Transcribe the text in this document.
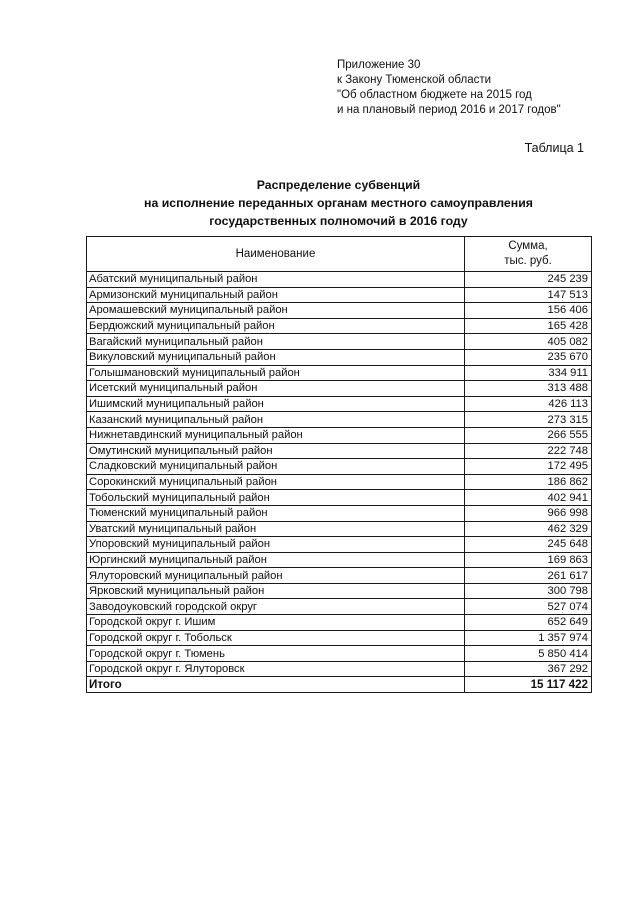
Приложение 30
к Закону Тюменской области
"Об областном бюджете на 2015 год
и на плановый период 2016 и 2017 годов"
Таблица 1
Распределение субвенций
на исполнение переданных органам местного самоуправления
государственных полномочий в 2016 году
Наименование	Сумма,
тыс. руб.

Абатский муниципальный район	245 239
Армизонский муниципальный район	147 513
Аромашевский муниципальный район	156 406
Бердюжский муниципальный район	165 428
Вагайский муниципальный район	405 082
Викуловский муниципальный район	235 670
Голышмановский муниципальный район	334 911
Исетский муниципальный район	313 488
Ишимский муниципальный район	426 113
Казанский муниципальный район	273 315
Нижнетавдинский муниципальный район	266 555
Омутинский муниципальный район	222 748
Сладковский муниципальный район	172 495
Сорокинский муниципальный район	186 862
Тобольский муниципальный район	402 941
Тюменский муниципальный район	966 998
Уватский муниципальный район	462 329
Упоровский муниципальный район	245 648
Юргинский муниципальный район	169 863
Ялуторовский муниципальный район	261 617
Ярковский муниципальный район	300 798
Заводоуковский городской округ	527 074
Городской округ г. Ишим	652 649
Городской округ г. Тобольск	1 357 974
Городской округ г. Тюмень	5 850 414
Городской округ г. Ялуторовск	367 292
Итого	15 117 422
